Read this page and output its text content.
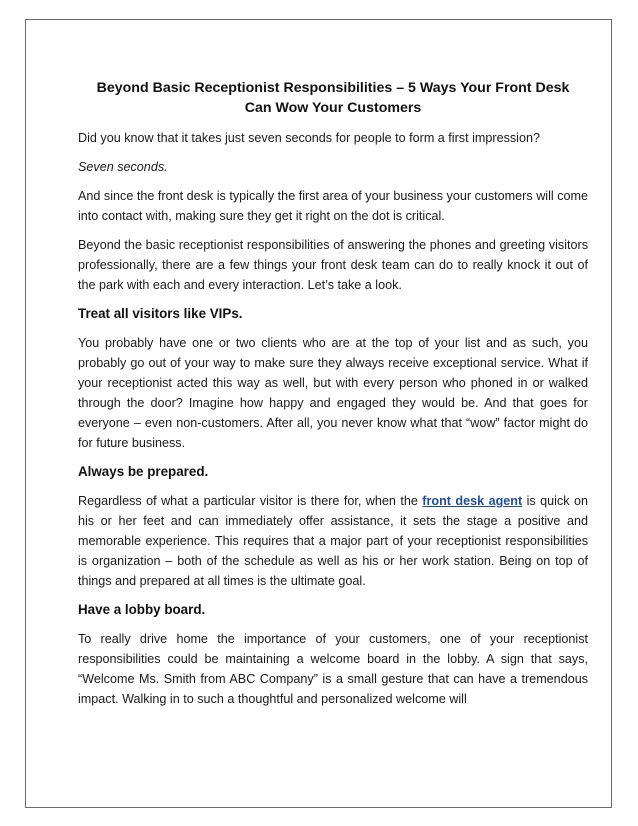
Beyond Basic Receptionist Responsibilities – 5 Ways Your Front Desk
Can Wow Your Customers

Did you know that it takes just seven seconds for people to form a first impression?

Seven seconds.

And since the front desk is typically the first area of your business your customers will come into contact with, making sure they get it right on the dot is critical.

Beyond the basic receptionist responsibilities of answering the phones and greeting visitors professionally, there are a few things your front desk team can do to really knock it out of the park with each and every interaction. Let’s take a look.

Treat all visitors like VIPs.

You probably have one or two clients who are at the top of your list and as such, you probably go out of your way to make sure they always receive exceptional service. What if your receptionist acted this way as well, but with every person who phoned in or walked through the door? Imagine how happy and engaged they would be. And that goes for everyone – even non-customers. After all, you never know what that “wow” factor might do for future business.

Always be prepared.

Regardless of what a particular visitor is there for, when the front desk agent is quick on his or her feet and can immediately offer assistance, it sets the stage a positive and memorable experience. This requires that a major part of your receptionist responsibilities is organization – both of the schedule as well as his or her work station. Being on top of things and prepared at all times is the ultimate goal.

Have a lobby board.

To really drive home the importance of your customers, one of your receptionist responsibilities could be maintaining a welcome board in the lobby. A sign that says, “Welcome Ms. Smith from ABC Company” is a small gesture that can have a tremendous impact. Walking in to such a thoughtful and personalized welcome will
